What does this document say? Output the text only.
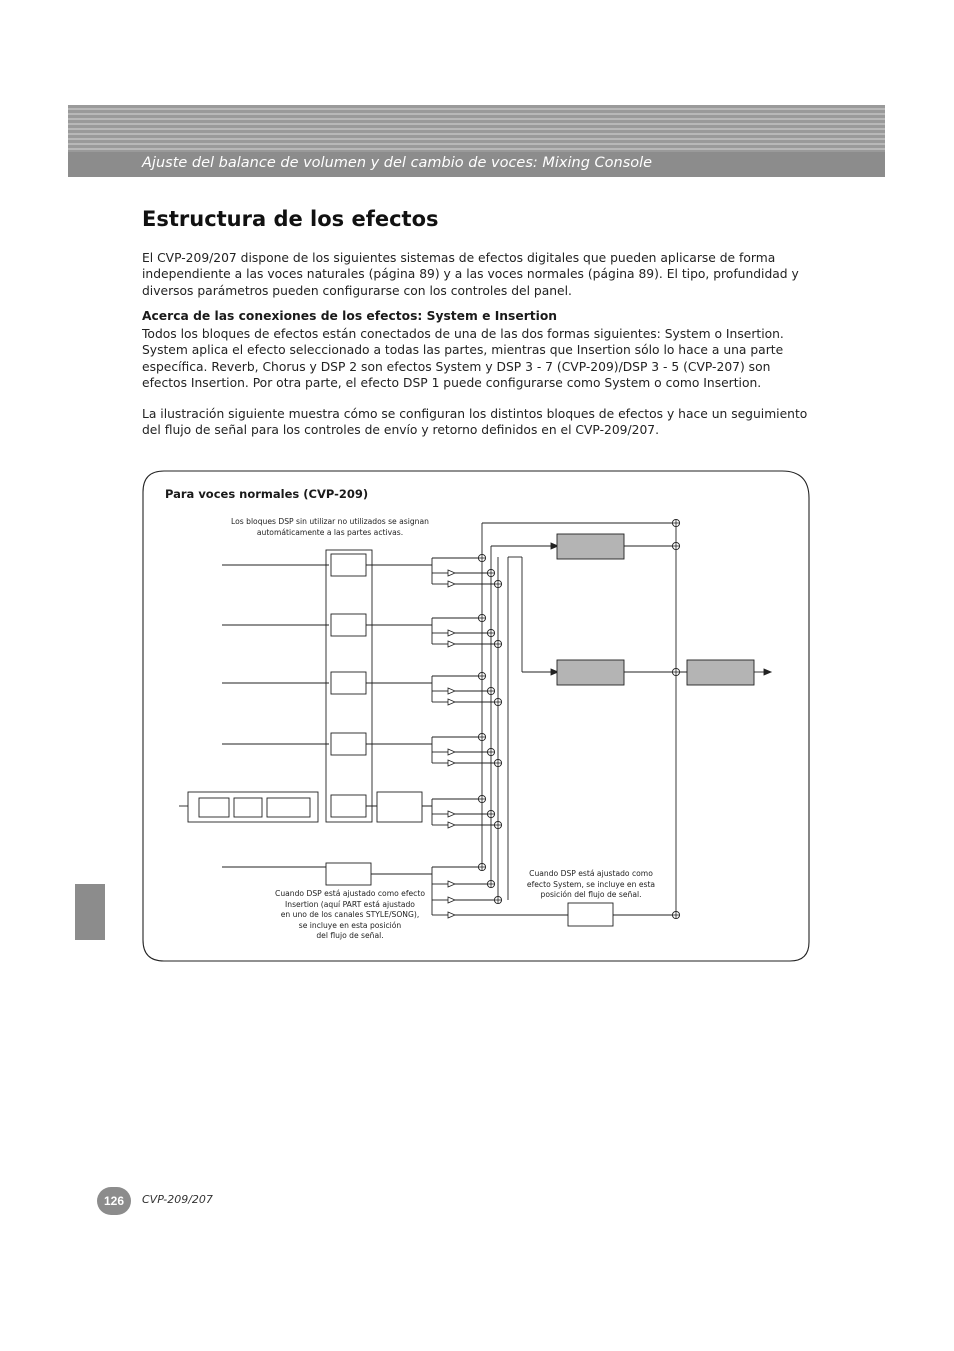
Ajuste del balance de volumen y del cambio de voces: Mixing Console
Estructura de los efectos

El CVP-209/207 dispone de los siguientes sistemas de efectos digitales que pueden aplicarse de forma independiente a las voces naturales (página 89) y a las voces normales (página 89). El tipo, profundidad y diversos parámetros pueden configurarse con los controles del panel.

Acerca de las conexiones de los efectos: System e Insertion

Todos los bloques de efectos están conectados de una de las dos formas siguientes: System o Insertion. System aplica el efecto seleccionado a todas las partes, mientras que Insertion sólo lo hace a una parte específica. Reverb, Chorus y DSP 2 son efectos System y DSP 3 - 7 (CVP-209)/DSP 3 - 5 (CVP-207) son efectos Insertion. Por otra parte, el efecto DSP 1 puede configurarse como System o como Insertion.

La ilustración siguiente muestra cómo se configuran los distintos bloques de efectos y hace un seguimiento del flujo de señal para los controles de envío y retorno definidos en el CVP-209/207.

Para voces normales (CVP-209)
Los bloques DSP sin utilizar no utilizados se asignan
automáticamente a las partes activas.
Cuando DSP está ajustado como efecto
Insertion (aquí PART está ajustado
en uno de los canales STYLE/SONG),
se incluye en esta posición
del flujo de señal.
Cuando DSP está ajustado como
efecto System, se incluye en esta
posición del flujo de señal.
126	CVP-209/207
